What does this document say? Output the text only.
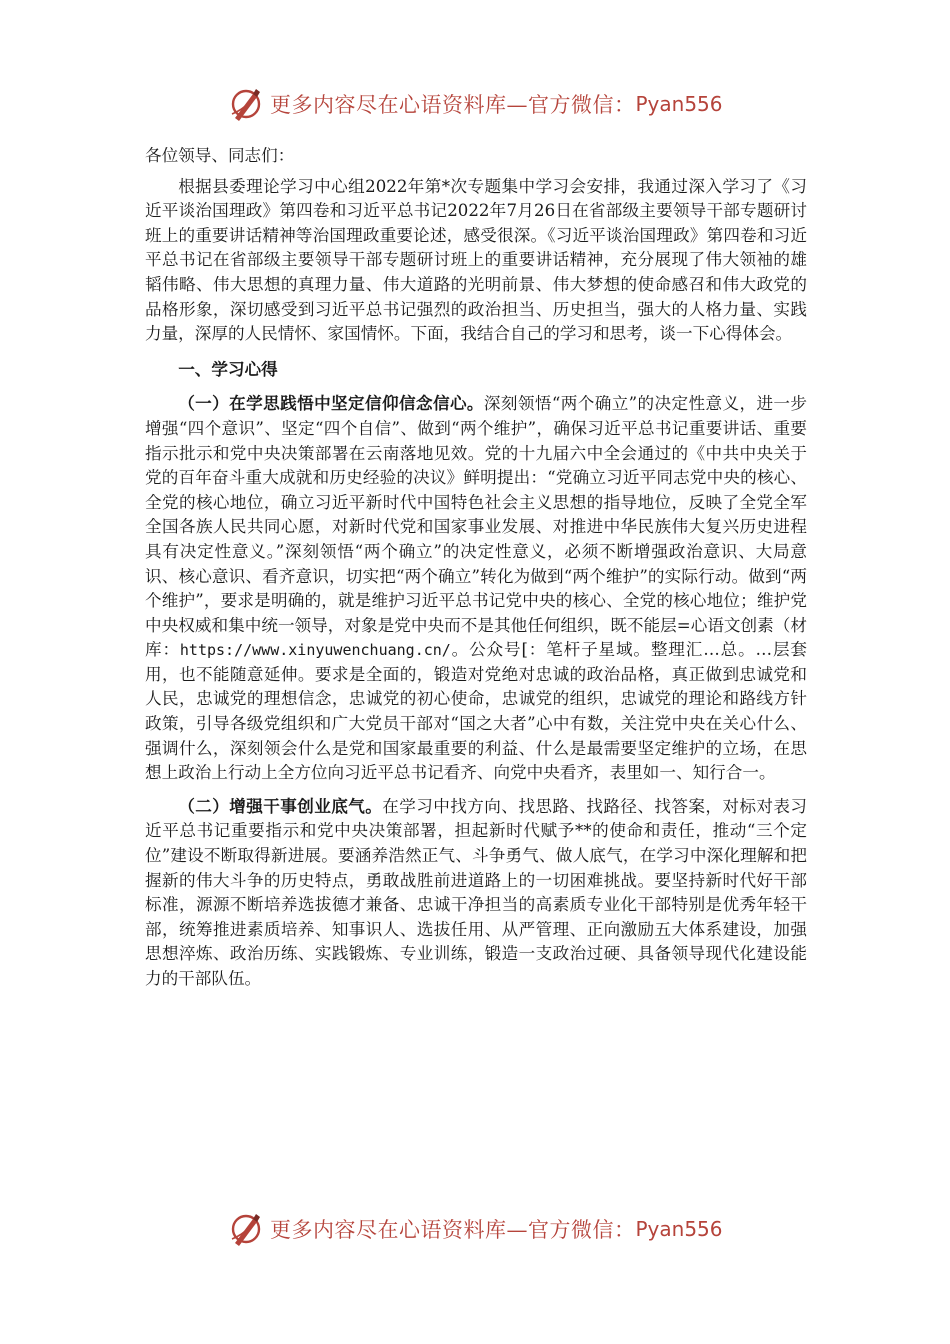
更多内容尽在心语资料库—官方微信： Pyan556

各位领导、同志们：

根据县委理论学习中心组2022年第*次专题集中学习会安排，我通过深入学习了《习近平谈治国理政》第四卷和习近平总书记2022年7月26日在省部级主要领导干部专题研讨班上的重要讲话精神等治国理政重要论述，感受很深。《习近平谈治国理政》第四卷和习近平总书记在省部级主要领导干部专题研讨班上的重要讲话精神，充分展现了伟大领袖的雄韬伟略、伟大思想的真理力量、伟大道路的光明前景、伟大梦想的使命感召和伟大政党的品格形象，深切感受到习近平总书记强烈的政治担当、历史担当，强大的人格力量、实践力量，深厚的人民情怀、家国情怀。下面，我结合自己的学习和思考，谈一下心得体会。

一、学习心得

（一）在学思践悟中坚定信仰信念信心。深刻领悟“两个确立”的决定性意义，进一步增强“四个意识”、坚定“四个自信”、做到“两个维护”，确保习近平总书记重要讲话、重要指示批示和党中央决策部署在云南落地见效。党的十九届六中全会通过的《中共中央关于党的百年奋斗重大成就和历史经验的决议》鲜明提出：“党确立习近平同志党中央的核心、全党的核心地位，确立习近平新时代中国特色社会主义思想的指导地位，反映了全党全军全国各族人民共同心愿，对新时代党和国家事业发展、对推进中华民族伟大复兴历史进程具有决定性意义。”深刻领悟“两个确立”的决定性意义，必须不断增强政治意识、大局意识、核心意识、看齐意识，切实把“两个确立”转化为做到“两个维护”的实际行动。做到“两个维护”，要求是明确的，就是维护习近平总书记党中央的核心、全党的核心地位；维护党中央权威和集中统一领导，对象是党中央而不是其他任何组织，既不能层=心语文创素（材库：https://www.xinyuwenchuang.cn/。公众号[：笔杆子星域。整理汇…总。…层套用，也不能随意延伸。要求是全面的，锻造对党绝对忠诚的政治品格，真正做到忠诚党和人民，忠诚党的理想信念，忠诚党的初心使命，忠诚党的组织，忠诚党的理论和路线方针政策，引导各级党组织和广大党员干部对“国之大者”心中有数，关注党中央在关心什么、强调什么，深刻领会什么是党和国家最重要的利益、什么是最需要坚定维护的立场，在思想上政治上行动上全方位向习近平总书记看齐、向党中央看齐，表里如一、知行合一。

（二）增强干事创业底气。在学习中找方向、找思路、找路径、找答案，对标对表习近平总书记重要指示和党中央决策部署，担起新时代赋予**的使命和责任，推动“三个定位”建设不断取得新进展。要涵养浩然正气、斗争勇气、做人底气，在学习中深化理解和把握新的伟大斗争的历史特点，勇敢战胜前进道路上的一切困难挑战。要坚持新时代好干部标准，源源不断培养选拔德才兼备、忠诚干净担当的高素质专业化干部特别是优秀年轻干部，统筹推进素质培养、知事识人、选拔任用、从严管理、正向激励五大体系建设，加强思想淬炼、政治历练、实践锻炼、专业训练，锻造一支政治过硬、具备领导现代化建设能力的干部队伍。

更多内容尽在心语资料库—官方微信： Pyan556
